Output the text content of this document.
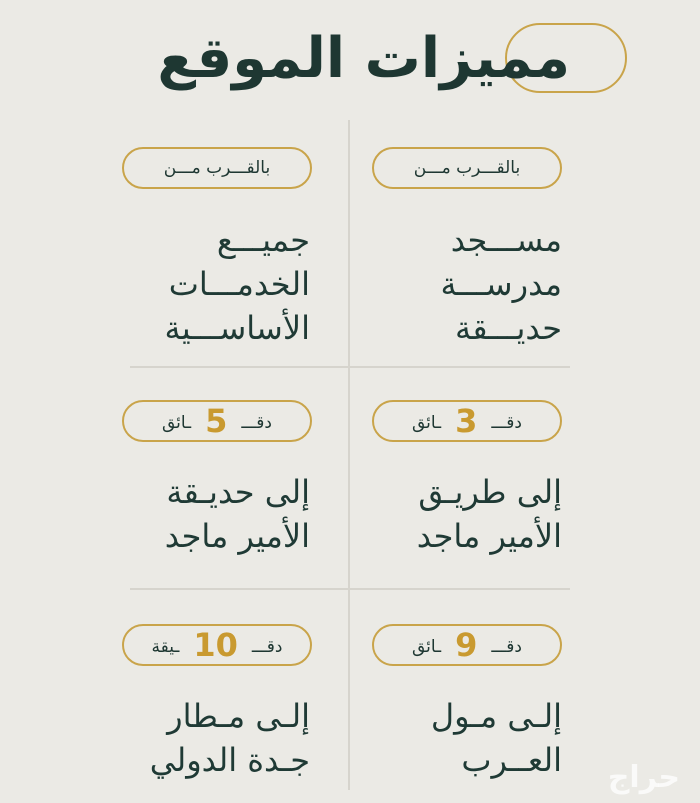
مميزات الموقع
بالقـــرب مـــن
مســـجد
مدرســـة
حديـــقة
بالقـــرب مـــن
جميـــع
الخدمـــات
الأساســـية
دقـــ3ـائق
إلى طريـق
الأمير ماجد
دقـــ5ـائق
إلى حديـقة
الأمير ماجد
دقـــ9ـائق
إلـى مـول
العــرب
دقـــ10ـيقة
إلـى مـطار
جـدة الدولي	حراج
